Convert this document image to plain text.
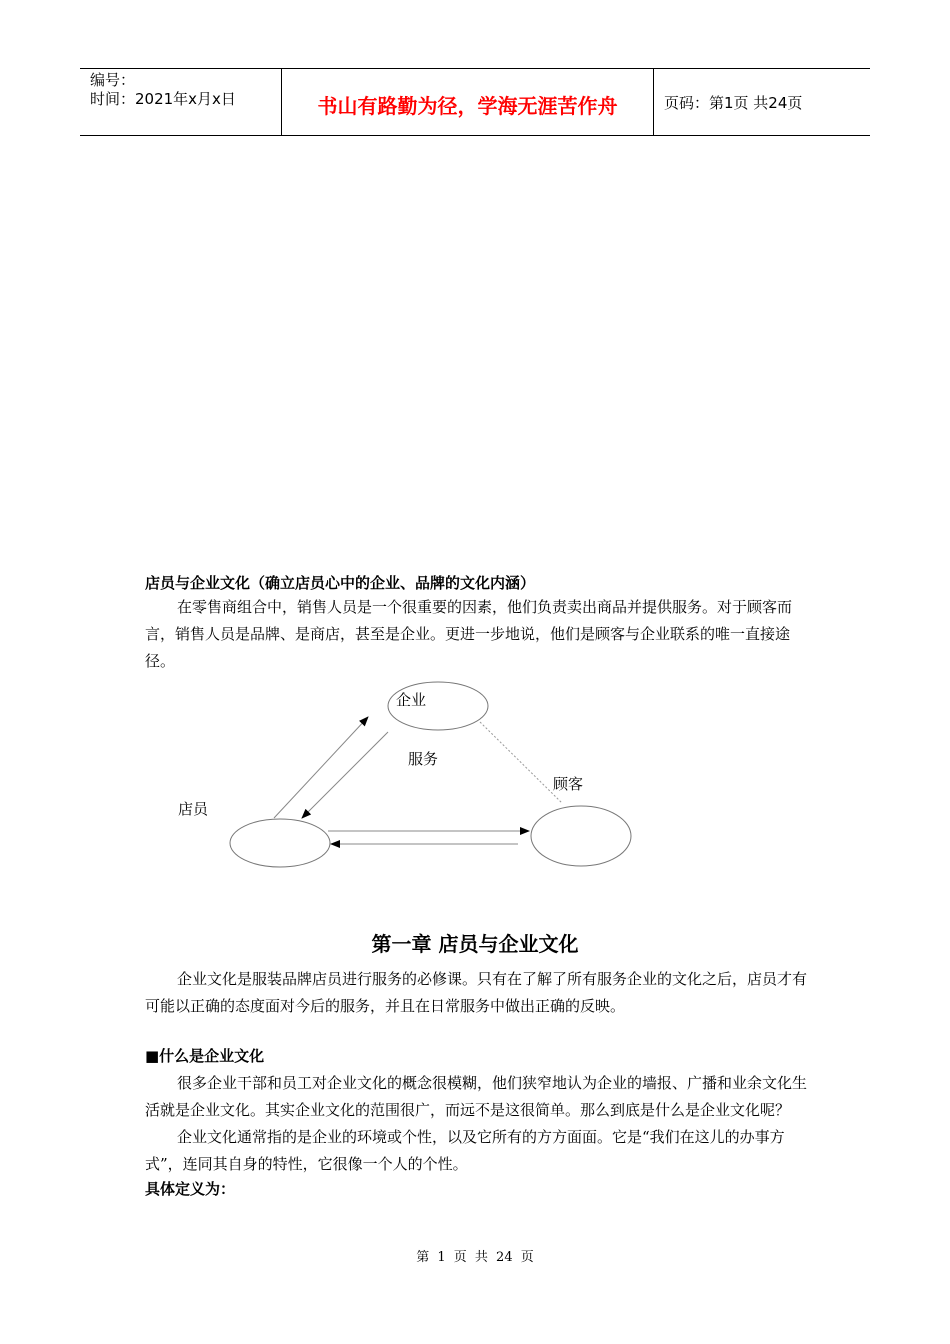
编号：
时间：2021年x月x日	书山有路勤为径，学海无涯苦作舟	页码：第1页 共24页

店员与企业文化（确立店员心中的企业、品牌的文化内涵）

在零售商组合中，销售人员是一个很重要的因素，他们负责卖出商品并提供服务。对于顾客而言，销售人员是品牌、是商店，甚至是企业。更进一步地说，他们是顾客与企业联系的唯一直接途径。

企业
服务
顾客
店员
第一章 店员与企业文化

企业文化是服装品牌店员进行服务的必修课。只有在了解了所有服务企业的文化之后，店员才有可能以正确的态度面对今后的服务，并且在日常服务中做出正确的反映。

■什么是企业文化

很多企业干部和员工对企业文化的概念很模糊，他们狭窄地认为企业的墙报、广播和业余文化生活就是企业文化。其实企业文化的范围很广，而远不是这很简单。那么到底是什么是企业文化呢？

企业文化通常指的是企业的环境或个性，以及它所有的方方面面。它是“我们在这儿的办事方式”，连同其自身的特性，它很像一个人的个性。

具体定义为：

第 1 页 共 24 页
